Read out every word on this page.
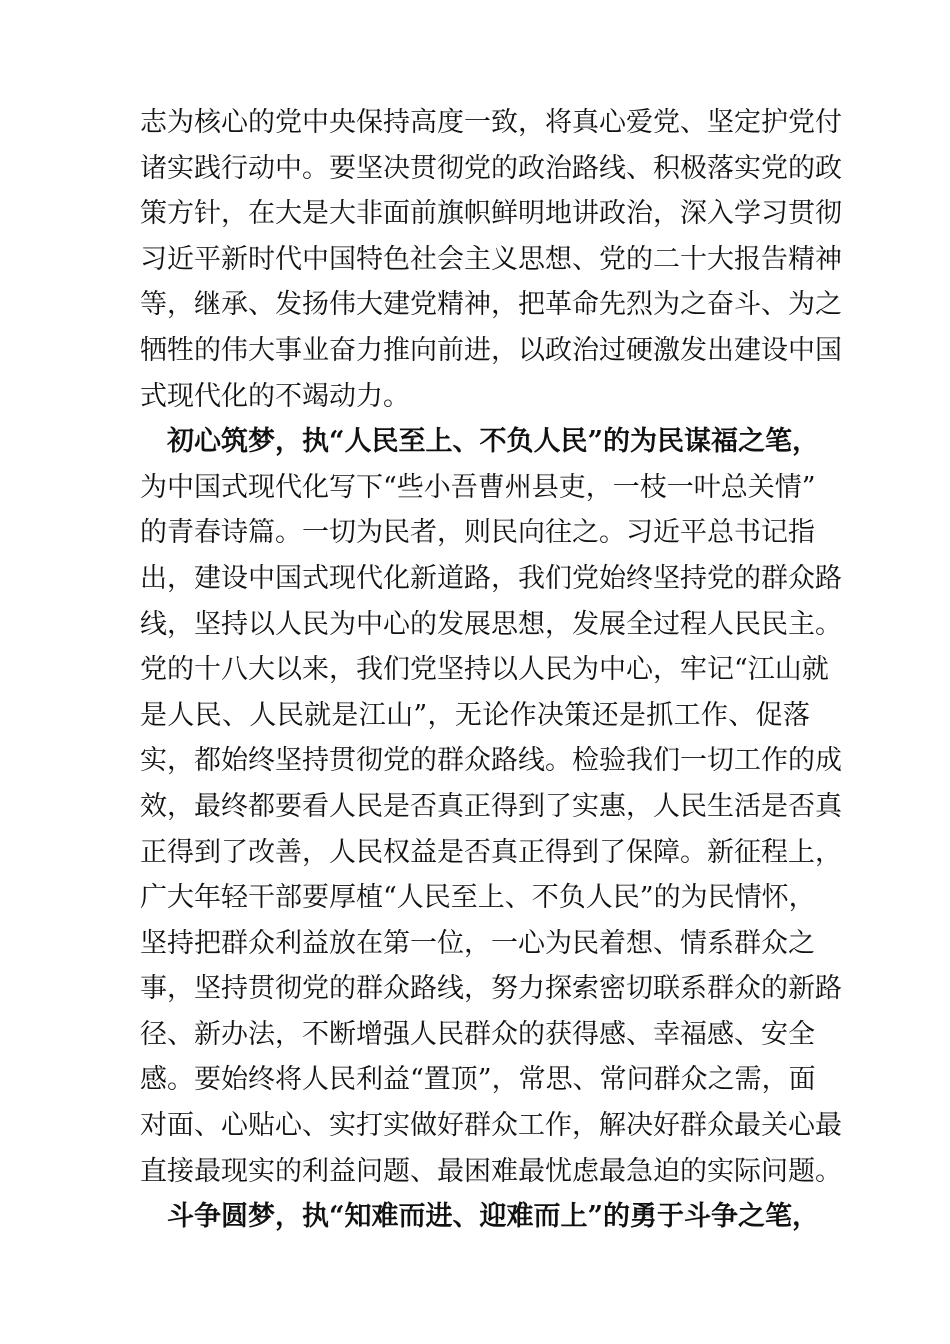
志为核心的党中央保持高度一致，将真心爱党、坚定护党付
诸实践行动中。要坚决贯彻党的政治路线、积极落实党的政
策方针，在大是大非面前旗帜鲜明地讲政治，深入学习贯彻
习近平新时代中国特色社会主义思想、党的二十大报告精神
等，继承、发扬伟大建党精神，把革命先烈为之奋斗、为之
牺牲的伟大事业奋力推向前进，以政治过硬激发出建设中国
式现代化的不竭动力。
初心筑梦，执“人民至上、不负人民”的为民谋福之笔，
为中国式现代化写下“些小吾曹州县吏，一枝一叶总关情”
的青春诗篇。一切为民者，则民向往之。习近平总书记指
出，建设中国式现代化新道路，我们党始终坚持党的群众路
线，坚持以人民为中心的发展思想，发展全过程人民民主。
党的十八大以来，我们党坚持以人民为中心，牢记“江山就
是人民、人民就是江山”，无论作决策还是抓工作、促落
实，都始终坚持贯彻党的群众路线。检验我们一切工作的成
效，最终都要看人民是否真正得到了实惠，人民生活是否真
正得到了改善，人民权益是否真正得到了保障。新征程上，
广大年轻干部要厚植“人民至上、不负人民”的为民情怀，
坚持把群众利益放在第一位，一心为民着想、情系群众之
事，坚持贯彻党的群众路线，努力探索密切联系群众的新路
径、新办法，不断增强人民群众的获得感、幸福感、安全
感。要始终将人民利益“置顶”，常思、常问群众之需，面
对面、心贴心、实打实做好群众工作，解决好群众最关心最
直接最现实的利益问题、最困难最忧虑最急迫的实际问题。
斗争圆梦，执“知难而进、迎难而上”的勇于斗争之笔，
